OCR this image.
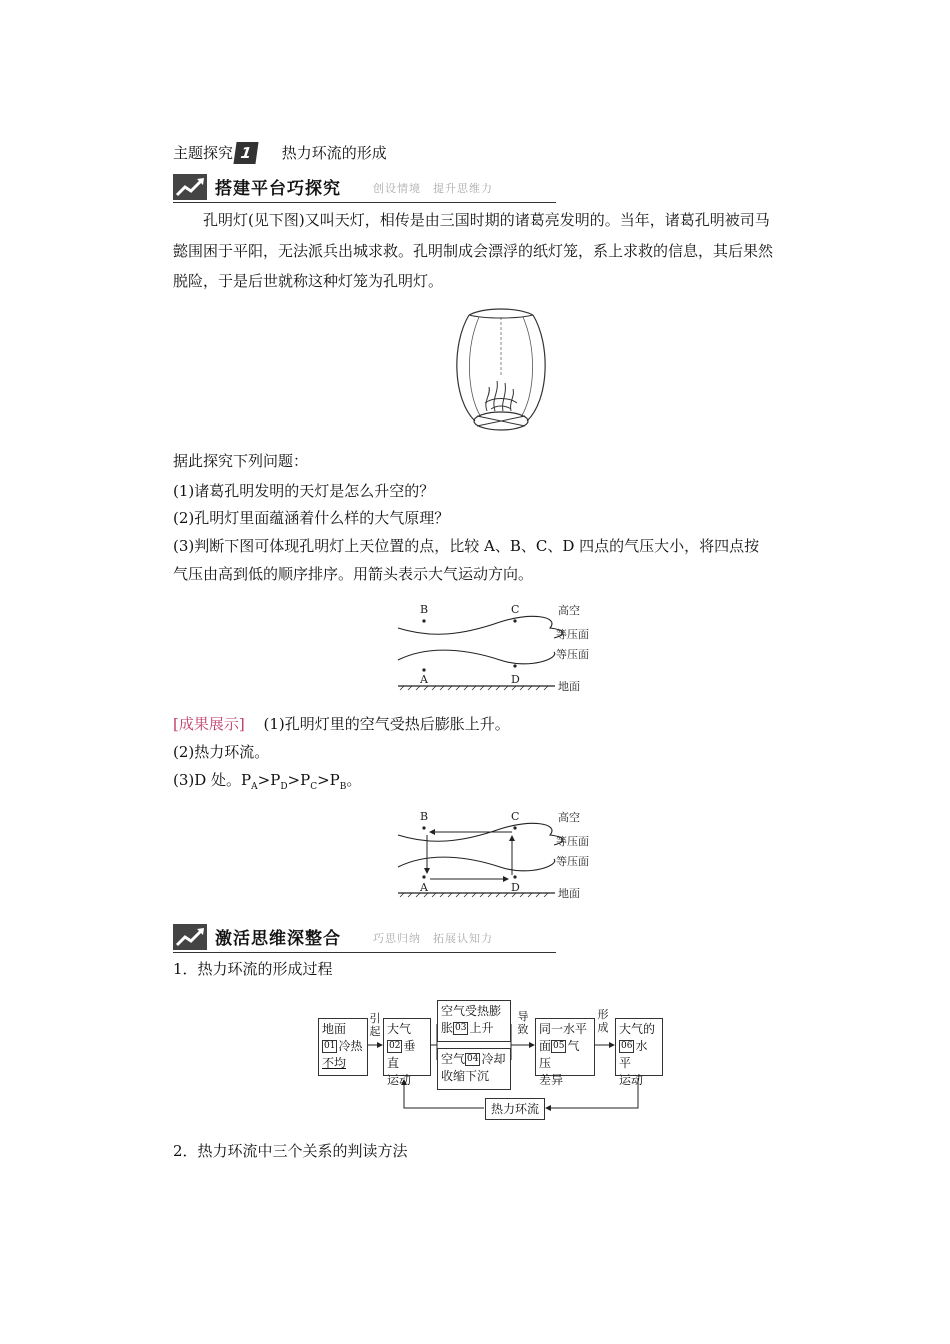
主题探究 1 热力环流的形成
搭建平台巧探究	创设情境　提升思维力
孔明灯(见下图)又叫天灯，相传是由三国时期的诸葛亮发明的。当年，诸葛孔明被司马
懿围困于平阳，无法派兵出城求救。孔明制成会漂浮的纸灯笼，系上求救的信息，其后果然
脱险，于是后世就称这种灯笼为孔明灯。
据此探究下列问题：
(1)诸葛孔明发明的天灯是怎么升空的？
(2)孔明灯里面蕴涵着什么样的大气原理？
(3)判断下图可体现孔明灯上天位置的点，比较 A、B、C、D 四点的气压大小，将四点按
气压由高到低的顺序排序。用箭头表示大气运动方向。
B	C
A	D
高空
等压面
等压面
地面
[成果展示] (1)孔明灯里的空气受热后膨胀上升。
(2)热力环流。
(3)D 处。$P_A>P_D>P_C>P_B$。
B	C
A	D
高空
等压面
等压面
地面
激活思维深整合	巧思归纳　拓展认知力
1．热力环流的形成过程
地面
01 冷热
不均
引起 大气
02 垂直
运动
空气受热膨
胀 03 上升
空气 04 冷却
收缩下沉
导致 同一水平
面 05 气压
差异
形成 大气的
06 水平
运动
热力环流
2．热力环流中三个关系的判读方法
